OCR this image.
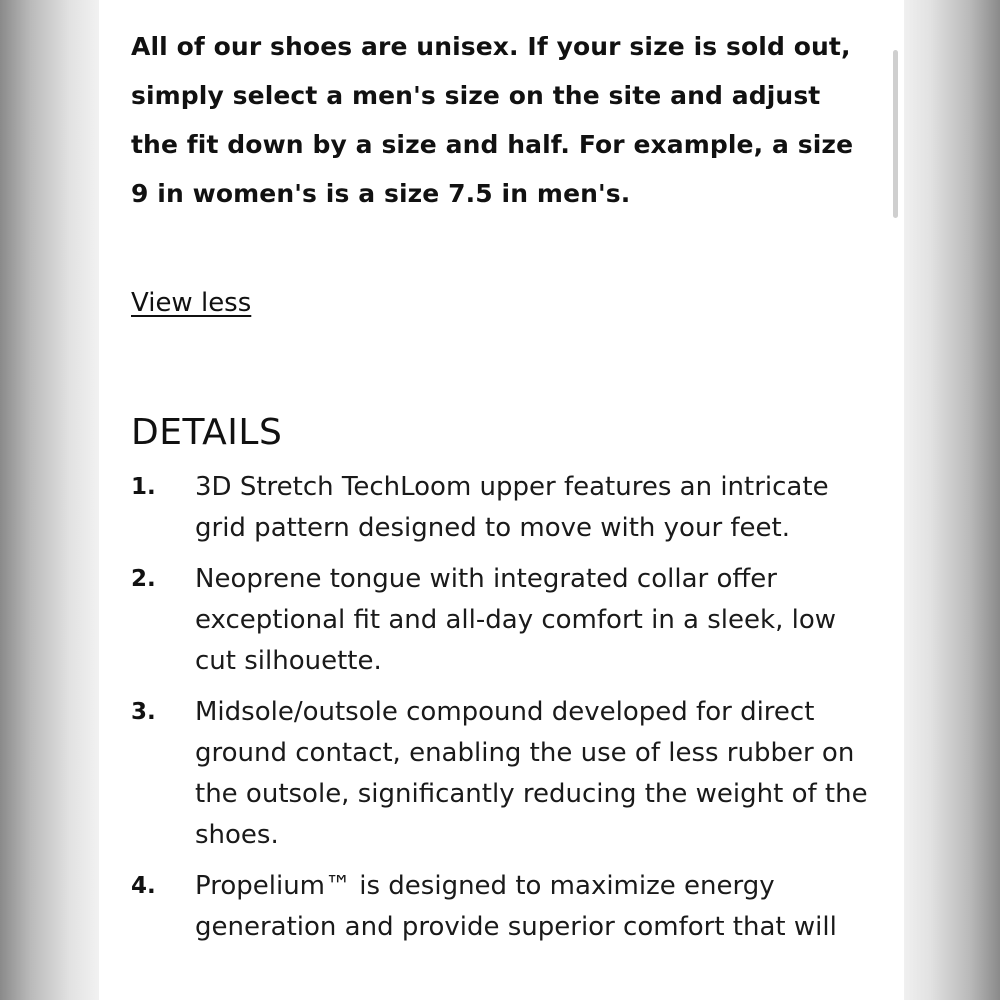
All of our shoes are unisex. If your size is sold out, simply select a men's size on the site and adjust the fit down by a size and half. For example, a size 9 in women's is a size 7.5 in men's.

View less
DETAILS
1.	3D Stretch TechLoom upper features an intricate grid pattern designed to move with your feet.
2.	Neoprene tongue with integrated collar offer exceptional fit and all-day comfort in a sleek, low cut silhouette.
3.	Midsole/outsole compound developed for direct ground contact, enabling the use of less rubber on the outsole, significantly reducing the weight of the shoes.
4.	Propelium™ is designed to maximize energy generation and provide superior comfort that will
